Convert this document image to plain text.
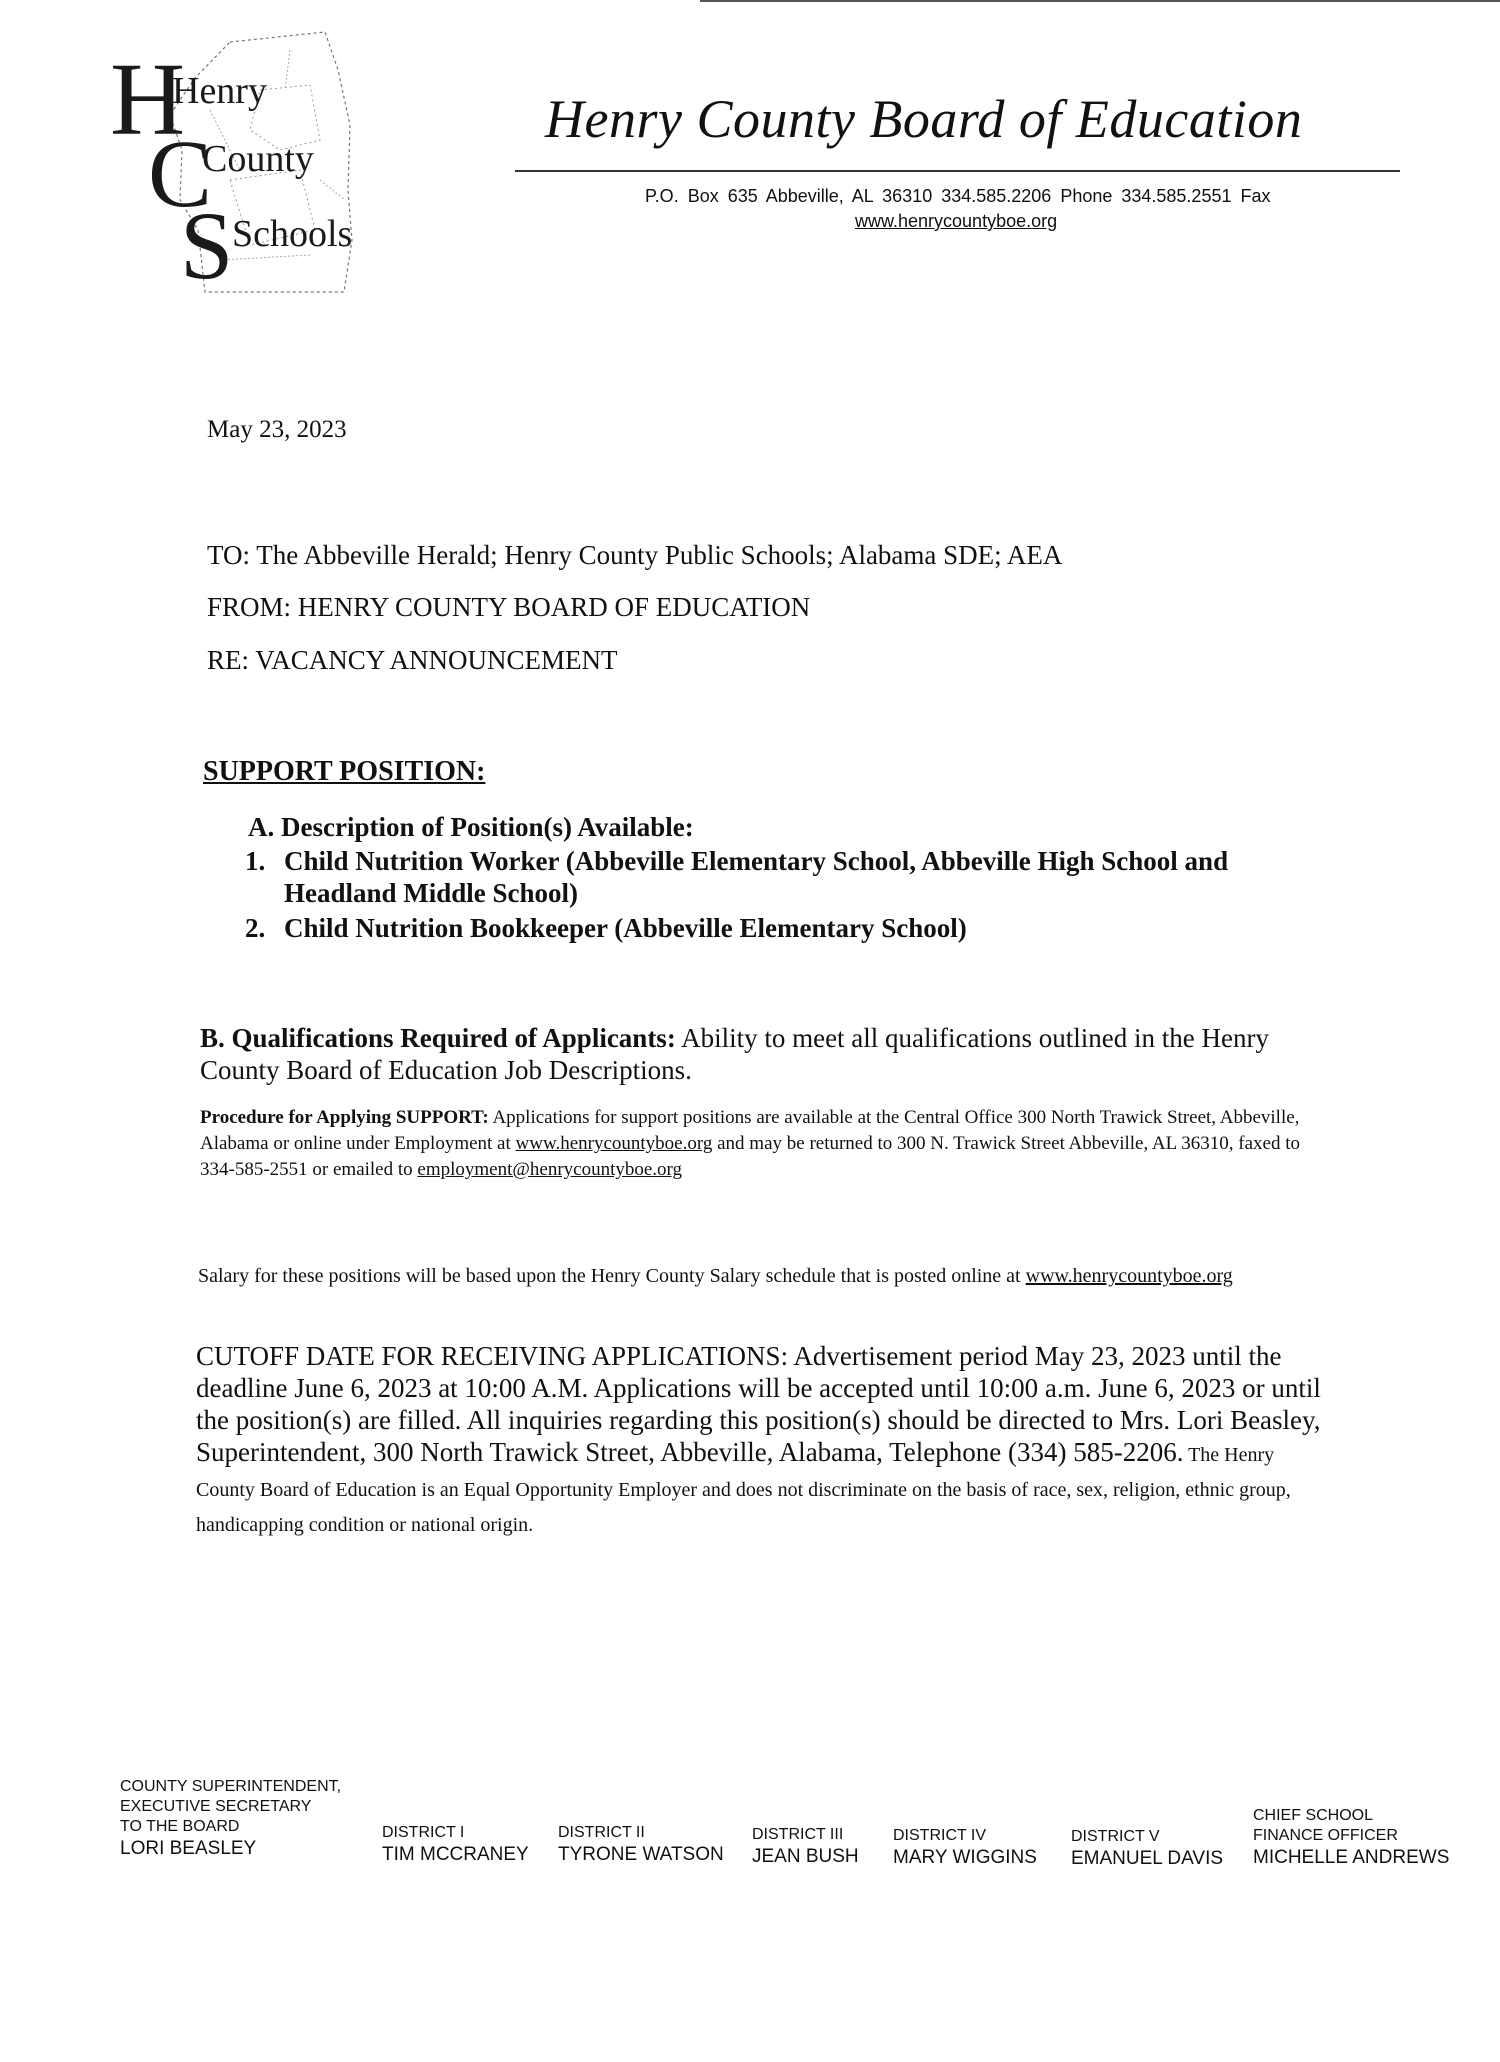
H
Henry
C
County
S
Schools
Henry County Board of Education
P.O. Box 635 Abbeville, AL 36310 334.585.2206 Phone 334.585.2551 Fax
www.henrycountyboe.org
May 23, 2023
TO: The Abbeville Herald; Henry County Public Schools; Alabama SDE; AEA
FROM: HENRY COUNTY BOARD OF EDUCATION
RE: VACANCY ANNOUNCEMENT
SUPPORT POSITION:
A. Description of Position(s) Available:
1. Child Nutrition Worker (Abbeville Elementary School, Abbeville High School and
Headland Middle School)
2. Child Nutrition Bookkeeper (Abbeville Elementary School)
B. Qualifications Required of Applicants: Ability to meet all qualifications outlined in the Henry County Board of Education Job Descriptions.
Procedure for Applying SUPPORT: Applications for support positions are available at the Central Office 300 North Trawick Street, Abbeville, Alabama or online under Employment at www.henrycountyboe.org and may be returned to 300 N. Trawick Street Abbeville, AL 36310, faxed to 334-585-2551 or emailed to employment@henrycountyboe.org
Salary for these positions will be based upon the Henry County Salary schedule that is posted online at www.henrycountyboe.org
CUTOFF DATE FOR RECEIVING APPLICATIONS: Advertisement period May 23, 2023 until the deadline June 6, 2023 at 10:00 A.M. Applications will be accepted until 10:00 a.m. June 6, 2023 or until the position(s) are filled. All inquiries regarding this position(s) should be directed to Mrs. Lori Beasley, Superintendent, 300 North Trawick Street, Abbeville, Alabama, Telephone (334) 585-2206. The Henry County Board of Education is an Equal Opportunity Employer and does not discriminate on the basis of race, sex, religion, ethnic group, handicapping condition or national origin.
COUNTY SUPERINTENDENT,
EXECUTIVE SECRETARY
TO THE BOARD
LORI BEASLEY
DISTRICT I
TIM MCCRANEY
DISTRICT II
TYRONE WATSON
DISTRICT III
JEAN BUSH
DISTRICT IV
MARY WIGGINS
DISTRICT V
EMANUEL DAVIS
CHIEF SCHOOL
FINANCE OFFICER
MICHELLE ANDREWS
